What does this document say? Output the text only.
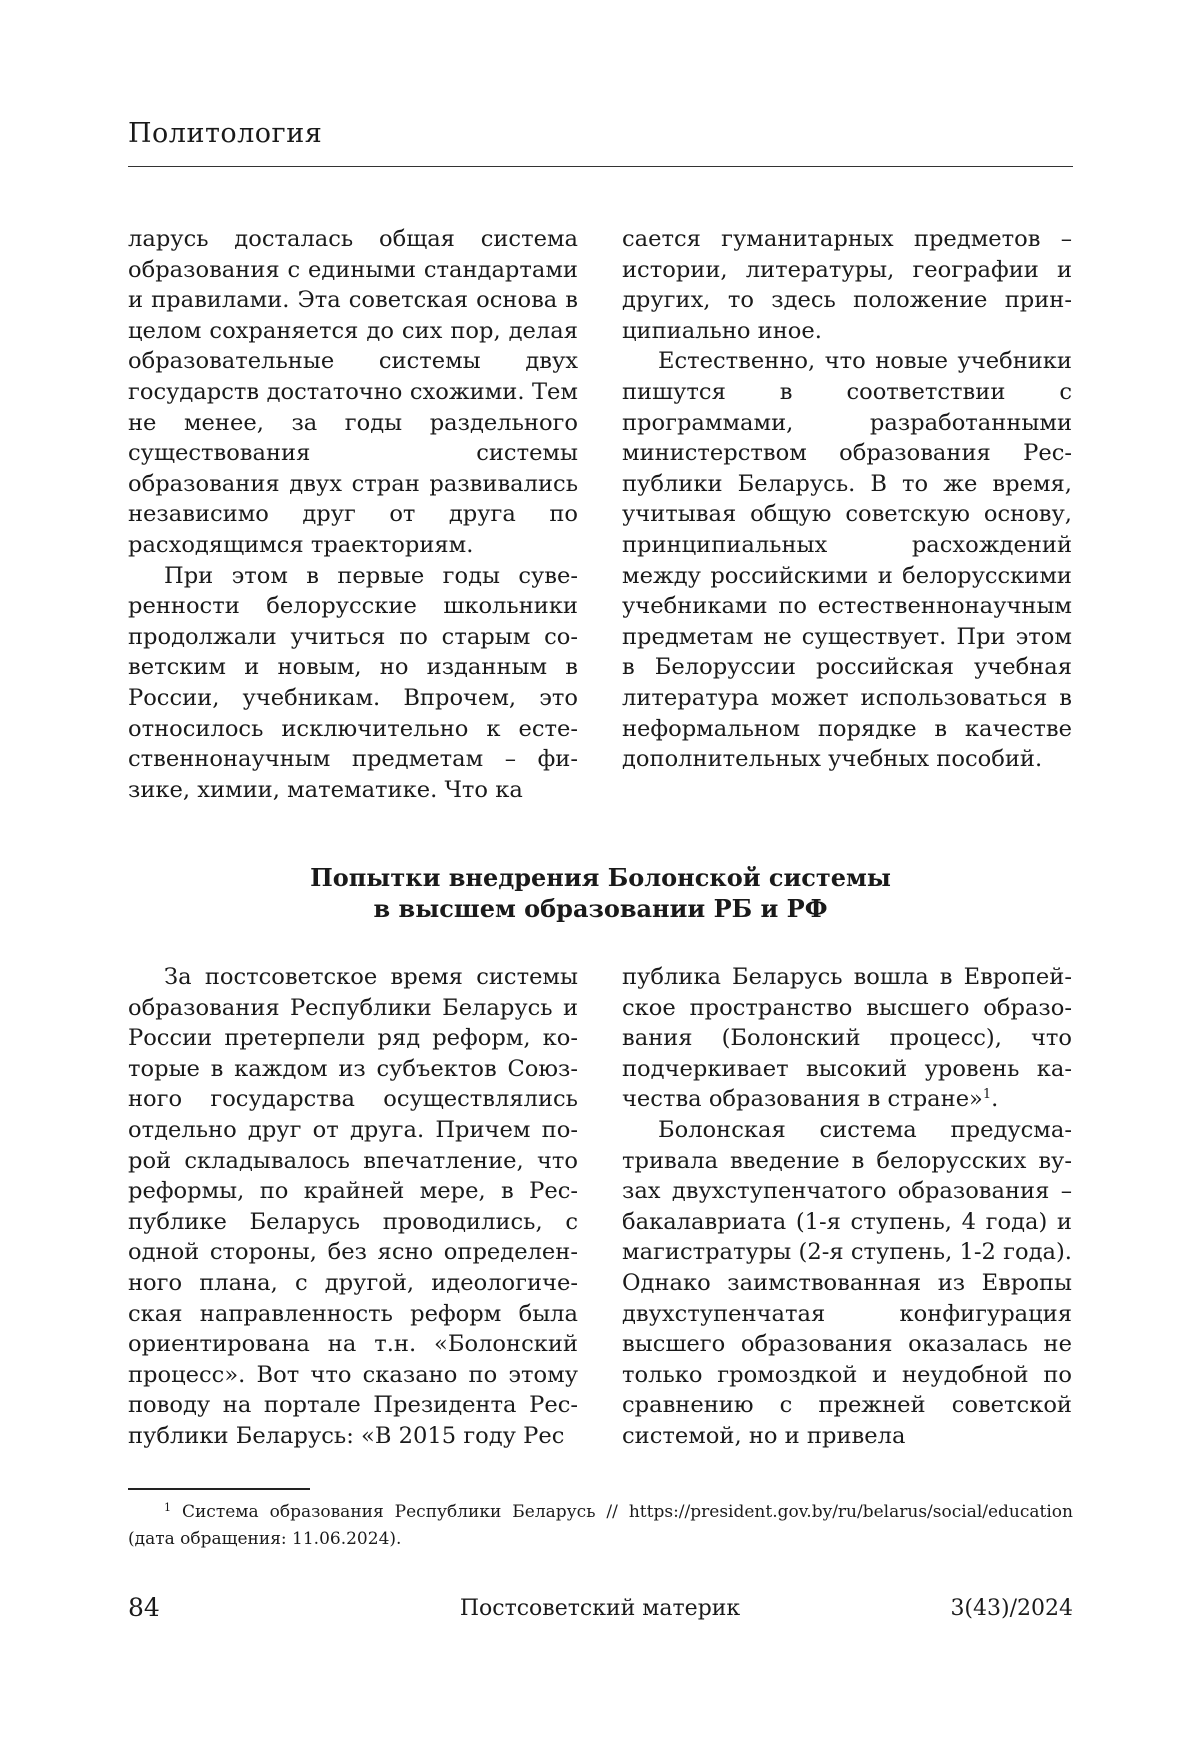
Политология

ларусь досталась общая система образования с едиными стандартами и правилами. Эта советская основа в целом сохраняется до сих пор, делая образовательные системы двух государств достаточно схожими. Тем не менее, за годы раздельного существования системы образования двух стран развивались независимо друг от друга по расходящимся траекториям.

При этом в первые годы суверенности белорусские школьники продолжали учиться по старым советским и новым, но изданным в России, учебникам. Впрочем, это относилось исключительно к естественнонаучным предметам – физике, химии, математике. Что ка

сается гуманитарных предметов – истории, литературы, географии и других, то здесь положение принципиально иное.

Естественно, что новые учебники пишутся в соответствии с программами, разработанными министерством образования Республики Беларусь. В то же время, учитывая общую советскую основу, принципиальных расхождений между российскими и белорусскими учебниками по естественнонаучным предметам не существует. При этом в Белоруссии российская учебная литература может использоваться в неформальном порядке в качестве дополнительных учебных пособий.

Попытки внедрения Болонской системы
в высшем образовании РБ и РФ

За постсоветское время системы образования Республики Беларусь и России претерпели ряд реформ, которые в каждом из субъектов Союзного государства осуществлялись отдельно друг от друга. Причем порой складывалось впечатление, что реформы, по крайней мере, в Республике Беларусь проводились, с одной стороны, без ясно определенного плана, с другой, идеологическая направленность реформ была ориентирована на т.н. «Болонский процесс». Вот что сказано по этому поводу на портале Президента Республики Беларусь: «В 2015 году Рес

публика Беларусь вошла в Европейское пространство высшего образования (Болонский процесс), что подчеркивает высокий уровень качества образования в стране»$^1$.

Болонская система предусматривала введение в белорусских вузах двухступенчатого образования – бакалавриата (1-я ступень, 4 года) и магистратуры (2-я ступень, 1-2 года). Однако заимствованная из Европы двухступенчатая конфигурация высшего образования оказалась не только громоздкой и неудобной по сравнению с прежней советской системой, но и привела

$^1$ Система образования Республики Беларусь // https://president.gov.by/ru/belarus/social/education (дата обращения: 11.06.2024).

84	Постсоветский материк	3(43)/2024
